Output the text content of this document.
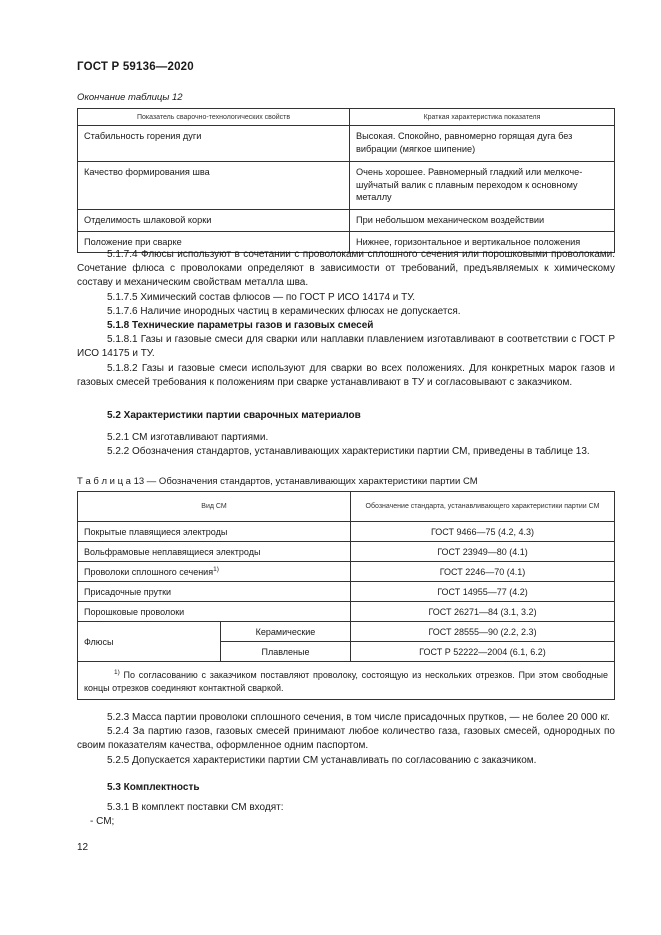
ГОСТ Р 59136—2020
Окончание таблицы 12
Показатель сварочно-технологических свойств	Краткая характеристика показателя
Стабильность горения дуги	Высокая. Спокойно, равномерно горящая дуга без вибрации (мягкое шипение)
Качество формирования шва	Очень хорошее. Равномерный гладкий или мелкочешуйчатый валик с плавным переходом к основному металлу
Отделимость шлаковой корки	При небольшом механическом воздействии
Положение при сварке	Нижнее, горизонтальное и вертикальное положения

5.1.7.4 Флюсы используют в сочетании с проволоками сплошного сечения или порошковыми проволоками. Сочетание флюса с проволоками определяют в зависимости от требований, предъявляемых к химическому составу и механическим свойствам металла шва.

5.1.7.5 Химический состав флюсов — по ГОСТ Р ИСО 14174 и ТУ.

5.1.7.6 Наличие инородных частиц в керамических флюсах не допускается.

5.1.8 Технические параметры газов и газовых смесей

5.1.8.1 Газы и газовые смеси для сварки или наплавки плавлением изготавливают в соответствии с ГОСТ Р ИСО 14175 и ТУ.

5.1.8.2 Газы и газовые смеси используют для сварки во всех положениях. Для конкретных марок газов и газовых смесей требования к положениям при сварке устанавливают в ТУ и согласовывают с заказчиком.

5.2 Характеристики партии сварочных материалов

5.2.1 СМ изготавливают партиями.

5.2.2 Обозначения стандартов, устанавливающих характеристики партии СМ, приведены в таблице 13.

Т а б л и ц а 13 — Обозначения стандартов, устанавливающих характеристики партии СМ
Вид СМ		Обозначение стандарта, устанавливающего характеристики партии СМ
Покрытые плавящиеся электроды		ГОСТ 9466—75 (4.2, 4.3)
Вольфрамовые неплавящиеся электроды		ГОСТ 23949—80 (4.1)
Проволоки сплошного сечения$^{1)}$		ГОСТ 2246—70 (4.1)
Присадочные прутки		ГОСТ 14955—77 (4.2)
Порошковые проволоки		ГОСТ 26271—84 (3.1, 3.2)
Флюсы	Керамические	ГОСТ 28555—90 (2.2, 2.3)
	Плавленые	ГОСТ Р 52222—2004 (6.1, 6.2)
$^{1)}$ По согласованию с заказчиком поставляют проволоку, состоящую из нескольких отрезков. При этом свободные концы отрезков соединяют контактной сваркой.		

5.2.3 Масса партии проволоки сплошного сечения, в том числе присадочных прутков, — не более 20 000 кг.

5.2.4 За партию газов, газовых смесей принимают любое количество газа, газовых смесей, однородных по своим показателям качества, оформленное одним паспортом.

5.2.5 Допускается характеристики партии СМ устанавливать по согласованию с заказчиком.

5.3 Комплектность

5.3.1 В комплект поставки СМ входят:

- СМ;

12
